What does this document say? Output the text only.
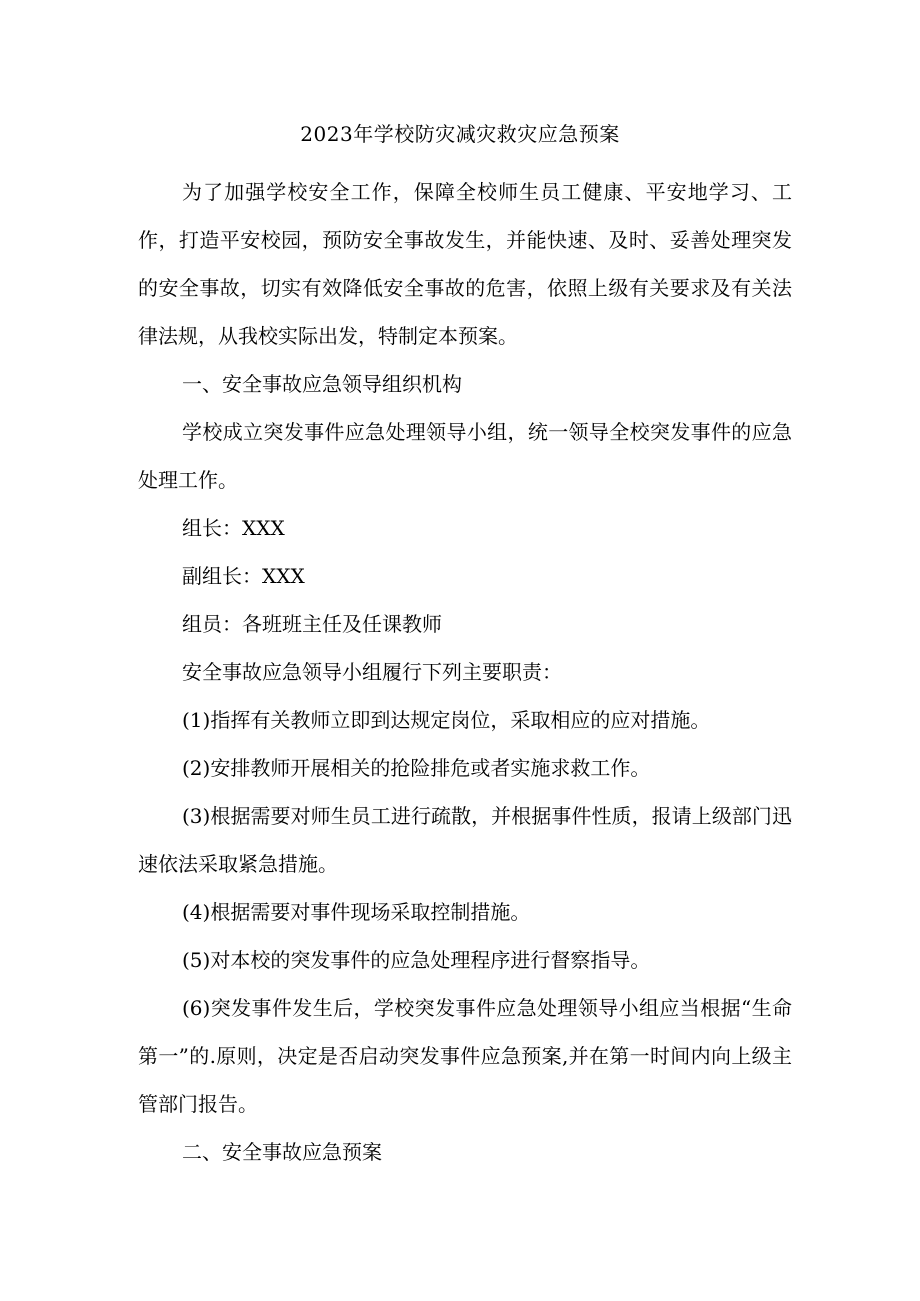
2023年学校防灾减灾救灾应急预案

为了加强学校安全工作，保障全校师生员工健康、平安地学习、工作，打造平安校园，预防安全事故发生，并能快速、及时、妥善处理突发的安全事故，切实有效降低安全事故的危害，依照上级有关要求及有关法律法规，从我校实际出发，特制定本预案。

一、安全事故应急领导组织机构

学校成立突发事件应急处理领导小组，统一领导全校突发事件的应急处理工作。

组长：XXX

副组长：XXX

组员：各班班主任及任课教师

安全事故应急领导小组履行下列主要职责：

(1)指挥有关教师立即到达规定岗位，采取相应的应对措施。

(2)安排教师开展相关的抢险排危或者实施求救工作。

(3)根据需要对师生员工进行疏散，并根据事件性质，报请上级部门迅速依法采取紧急措施。

(4)根据需要对事件现场采取控制措施。

(5)对本校的突发事件的应急处理程序进行督察指导。

(6)突发事件发生后，学校突发事件应急处理领导小组应当根据“生命第一”的.原则，决定是否启动突发事件应急预案,并在第一时间内向上级主管部门报告。

二、安全事故应急预案
